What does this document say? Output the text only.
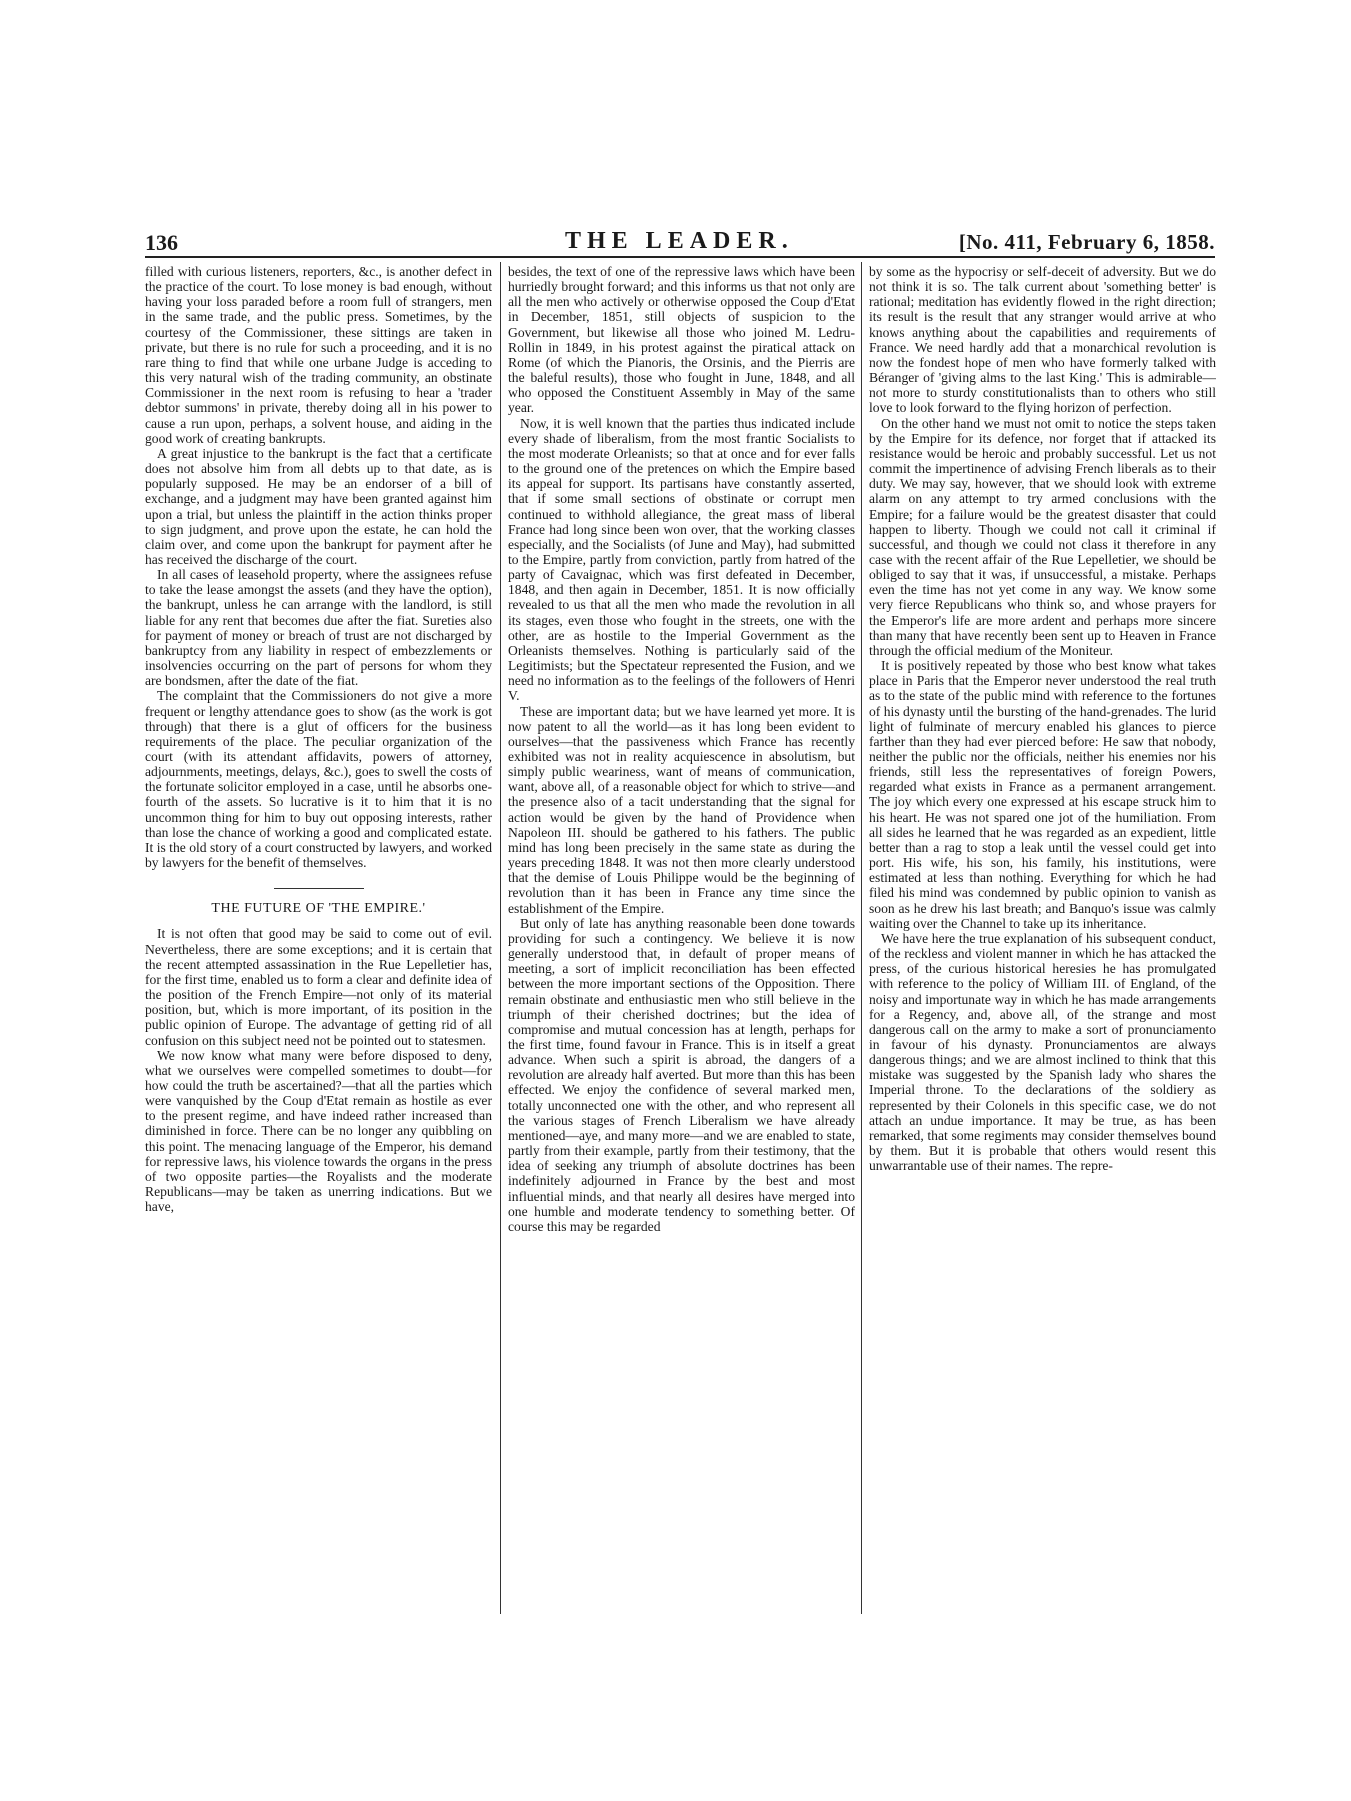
136	THE LEADER.	[No. 411, February 6, 1858.

filled with curious listeners, reporters, &c., is another defect in the practice of the court. To lose money is bad enough, without having your loss paraded before a room full of strangers, men in the same trade, and the public press. Sometimes, by the courtesy of the Commissioner, these sittings are taken in private, but there is no rule for such a proceeding, and it is no rare thing to find that while one urbane Judge is acceding to this very natural wish of the trading community, an obstinate Commissioner in the next room is refusing to hear a 'trader debtor summons' in private, thereby doing all in his power to cause a run upon, perhaps, a solvent house, and aiding in the good work of creating bankrupts.

A great injustice to the bankrupt is the fact that a certificate does not absolve him from all debts up to that date, as is popularly supposed. He may be an endorser of a bill of exchange, and a judgment may have been granted against him upon a trial, but unless the plaintiff in the action thinks proper to sign judgment, and prove upon the estate, he can hold the claim over, and come upon the bankrupt for payment after he has received the discharge of the court.

In all cases of leasehold property, where the assignees refuse to take the lease amongst the assets (and they have the option), the bankrupt, unless he can arrange with the landlord, is still liable for any rent that becomes due after the fiat. Sureties also for payment of money or breach of trust are not discharged by bankruptcy from any liability in respect of embezzlements or insolvencies occurring on the part of persons for whom they are bondsmen, after the date of the fiat.

The complaint that the Commissioners do not give a more frequent or lengthy attendance goes to show (as the work is got through) that there is a glut of officers for the business requirements of the place. The peculiar organization of the court (with its attendant affidavits, powers of attorney, adjournments, meetings, delays, &c.), goes to swell the costs of the fortunate solicitor employed in a case, until he absorbs one-fourth of the assets. So lucrative is it to him that it is no uncommon thing for him to buy out opposing interests, rather than lose the chance of working a good and complicated estate. It is the old story of a court constructed by lawyers, and worked by lawyers for the benefit of themselves.

THE FUTURE OF 'THE EMPIRE.'

It is not often that good may be said to come out of evil. Nevertheless, there are some exceptions; and it is certain that the recent attempted assassination in the Rue Lepelletier has, for the first time, enabled us to form a clear and definite idea of the position of the French Empire—not only of its material position, but, which is more important, of its position in the public opinion of Europe. The advantage of getting rid of all confusion on this subject need not be pointed out to statesmen.

We now know what many were before disposed to deny, what we ourselves were compelled sometimes to doubt—for how could the truth be ascertained?—that all the parties which were vanquished by the Coup d'Etat remain as hostile as ever to the present regime, and have indeed rather increased than diminished in force. There can be no longer any quibbling on this point. The menacing language of the Emperor, his demand for repressive laws, his violence towards the organs in the press of two opposite parties—the Royalists and the moderate Republicans—may be taken as unerring indications. But we have,

besides, the text of one of the repressive laws which have been hurriedly brought forward; and this informs us that not only are all the men who actively or otherwise opposed the Coup d'Etat in December, 1851, still objects of suspicion to the Government, but likewise all those who joined M. Ledru-Rollin in 1849, in his protest against the piratical attack on Rome (of which the Pianoris, the Orsinis, and the Pierris are the baleful results), those who fought in June, 1848, and all who opposed the Constituent Assembly in May of the same year.

Now, it is well known that the parties thus indicated include every shade of liberalism, from the most frantic Socialists to the most moderate Orleanists; so that at once and for ever falls to the ground one of the pretences on which the Empire based its appeal for support. Its partisans have constantly asserted, that if some small sections of obstinate or corrupt men continued to withhold allegiance, the great mass of liberal France had long since been won over, that the working classes especially, and the Socialists (of June and May), had submitted to the Empire, partly from conviction, partly from hatred of the party of Cavaignac, which was first defeated in December, 1848, and then again in December, 1851. It is now officially revealed to us that all the men who made the revolution in all its stages, even those who fought in the streets, one with the other, are as hostile to the Imperial Government as the Orleanists themselves. Nothing is particularly said of the Legitimists; but the Spectateur represented the Fusion, and we need no information as to the feelings of the followers of Henri V.

These are important data; but we have learned yet more. It is now patent to all the world—as it has long been evident to ourselves—that the passiveness which France has recently exhibited was not in reality acquiescence in absolutism, but simply public weariness, want of means of communication, want, above all, of a reasonable object for which to strive—and the presence also of a tacit understanding that the signal for action would be given by the hand of Providence when Napoleon III. should be gathered to his fathers. The public mind has long been precisely in the same state as during the years preceding 1848. It was not then more clearly understood that the demise of Louis Philippe would be the beginning of revolution than it has been in France any time since the establishment of the Empire.

But only of late has anything reasonable been done towards providing for such a contingency. We believe it is now generally understood that, in default of proper means of meeting, a sort of implicit reconciliation has been effected between the more important sections of the Opposition. There remain obstinate and enthusiastic men who still believe in the triumph of their cherished doctrines; but the idea of compromise and mutual concession has at length, perhaps for the first time, found favour in France. This is in itself a great advance. When such a spirit is abroad, the dangers of a revolution are already half averted. But more than this has been effected. We enjoy the confidence of several marked men, totally unconnected one with the other, and who represent all the various stages of French Liberalism we have already mentioned—aye, and many more—and we are enabled to state, partly from their example, partly from their testimony, that the idea of seeking any triumph of absolute doctrines has been indefinitely adjourned in France by the best and most influential minds, and that nearly all desires have merged into one humble and moderate tendency to something better. Of course this may be regarded

by some as the hypocrisy or self-deceit of adversity. But we do not think it is so. The talk current about 'something better' is rational; meditation has evidently flowed in the right direction; its result is the result that any stranger would arrive at who knows anything about the capabilities and requirements of France. We need hardly add that a monarchical revolution is now the fondest hope of men who have formerly talked with Béranger of 'giving alms to the last King.' This is admirable—not more to sturdy constitutionalists than to others who still love to look forward to the flying horizon of perfection.

On the other hand we must not omit to notice the steps taken by the Empire for its defence, nor forget that if attacked its resistance would be heroic and probably successful. Let us not commit the impertinence of advising French liberals as to their duty. We may say, however, that we should look with extreme alarm on any attempt to try armed conclusions with the Empire; for a failure would be the greatest disaster that could happen to liberty. Though we could not call it criminal if successful, and though we could not class it therefore in any case with the recent affair of the Rue Lepelletier, we should be obliged to say that it was, if unsuccessful, a mistake. Perhaps even the time has not yet come in any way. We know some very fierce Republicans who think so, and whose prayers for the Emperor's life are more ardent and perhaps more sincere than many that have recently been sent up to Heaven in France through the official medium of the Moniteur.

It is positively repeated by those who best know what takes place in Paris that the Emperor never understood the real truth as to the state of the public mind with reference to the fortunes of his dynasty until the bursting of the hand-grenades. The lurid light of fulminate of mercury enabled his glances to pierce farther than they had ever pierced before: He saw that nobody, neither the public nor the officials, neither his enemies nor his friends, still less the representatives of foreign Powers, regarded what exists in France as a permanent arrangement. The joy which every one expressed at his escape struck him to his heart. He was not spared one jot of the humiliation. From all sides he learned that he was regarded as an expedient, little better than a rag to stop a leak until the vessel could get into port. His wife, his son, his family, his institutions, were estimated at less than nothing. Everything for which he had filed his mind was condemned by public opinion to vanish as soon as he drew his last breath; and Banquo's issue was calmly waiting over the Channel to take up its inheritance.

We have here the true explanation of his subsequent conduct, of the reckless and violent manner in which he has attacked the press, of the curious historical heresies he has promulgated with reference to the policy of William III. of England, of the noisy and importunate way in which he has made arrangements for a Regency, and, above all, of the strange and most dangerous call on the army to make a sort of pronunciamento in favour of his dynasty. Pronunciamentos are always dangerous things; and we are almost inclined to think that this mistake was suggested by the Spanish lady who shares the Imperial throne. To the declarations of the soldiery as represented by their Colonels in this specific case, we do not attach an undue importance. It may be true, as has been remarked, that some regiments may consider themselves bound by them. But it is probable that others would resent this unwarrantable use of their names. The repre-
